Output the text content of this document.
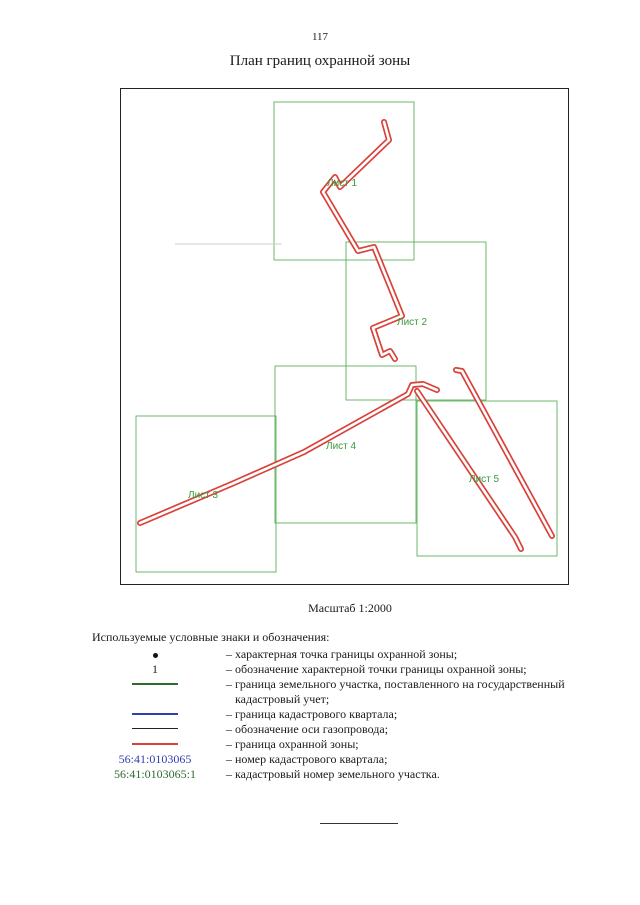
117
План границ охранной зоны
Лист 1
Лист 2
Лист 4
Лист 3
Лист 5
Масштаб 1:2000
Используемые условные знаки и обозначения:
– характерная точка границы охранной зоны;
1	– обозначение характерной точки границы охранной зоны;
– граница земельного участка, поставленного на государственный
кадастровый учет;
– граница кадастрового квартала;
– обозначение оси газопровода;
– граница охранной зоны;
56:41:0103065	– номер кадастрового квартала;
56:41:0103065:1	– кадастровый номер земельного участка.
